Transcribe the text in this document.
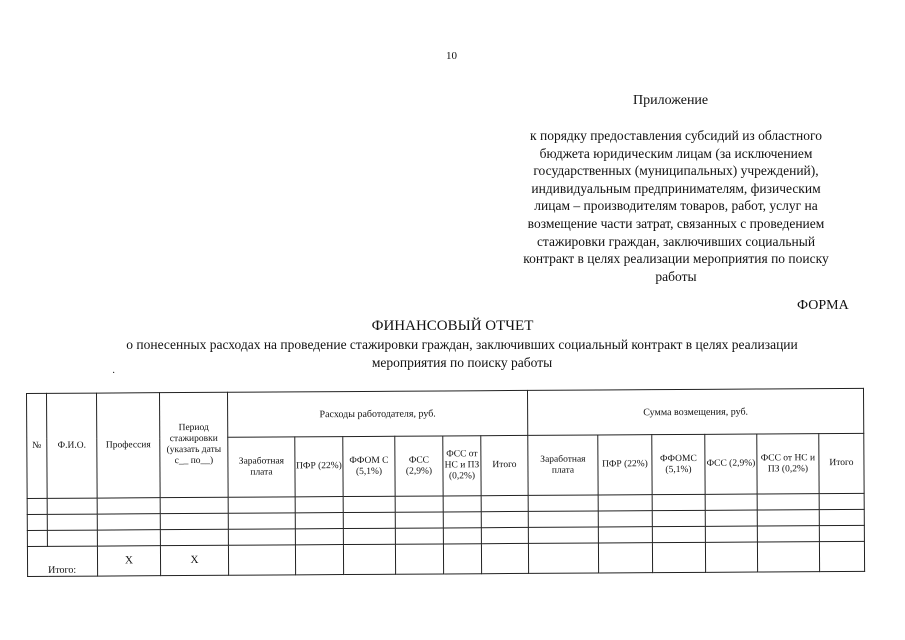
10
Приложение
к порядку предоставления субсидий из областного
бюджета юридическим лицам (за исключением
государственных (муниципальных) учреждений),
индивидуальным предпринимателям, физическим
лицам – производителям товаров, работ, услуг на
возмещение части затрат, связанных с проведением
стажировки граждан, заключивших социальный
контракт в целях реализации мероприятия по поиску
работы
ФОРМА
ФИНАНСОВЫЙ ОТЧЕТ
о понесенных расходах на проведение стажировки граждан, заключивших социальный контракт в целях реализации
мероприятия по поиску работы
·
№	Ф.И.О.	Профессия	Период стажировки (указать даты с__ по__)	Расходы работодателя, руб.						Сумма возмещения, руб.					
				Заработная плата	ПФР (22%)	ФФОМ С (5,1%)	ФСС (2,9%)	ФСС от НС и ПЗ (0,2%)	Итого	Заработная плата	ПФР (22%)	ФФОМС (5,1%)	ФСС (2,9%)	ФСС от НС и ПЗ (0,2%)	Итого

Итого:		Х	Х												
